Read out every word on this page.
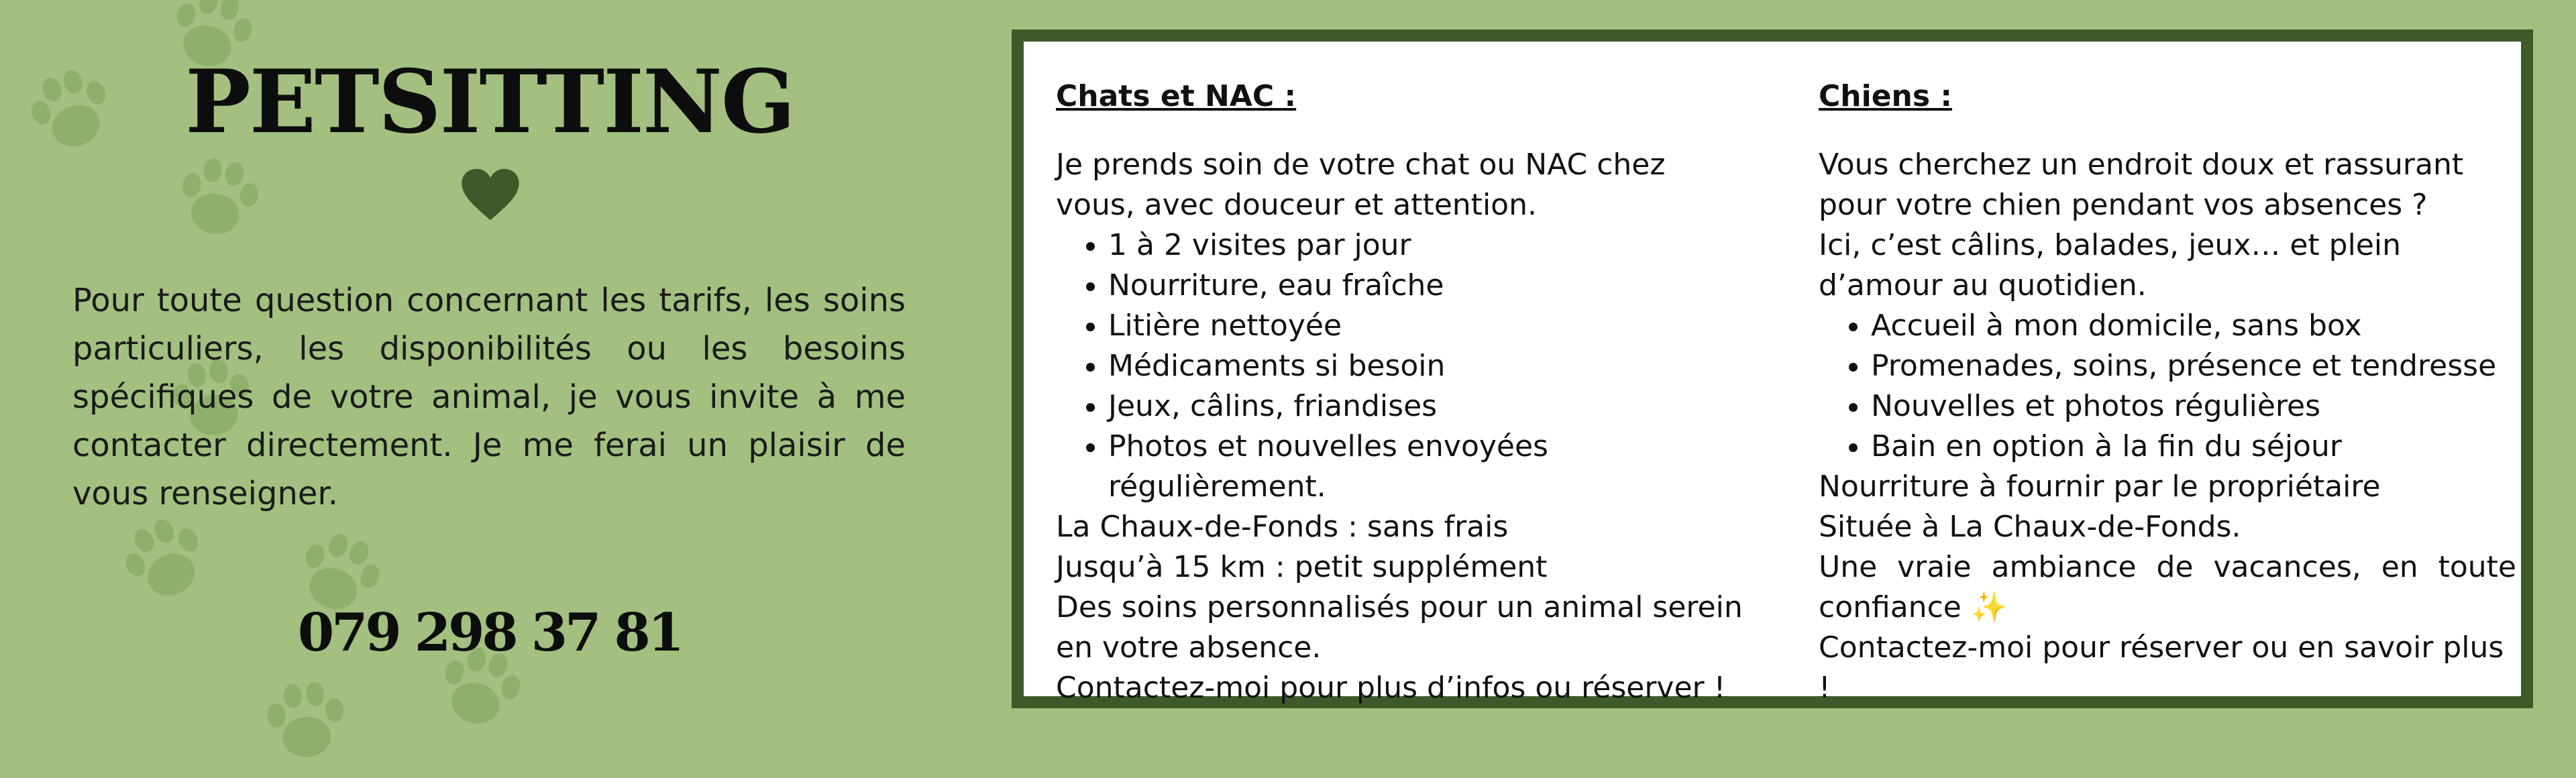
PETSITTING

Pour toute question concernant les tarifs, les soins particuliers, les disponibilités ou les besoins spécifiques de votre animal, je vous invite à me contacter directement. Je me ferai un plaisir de vous renseigner.

079 298 37 81

Chats et NAC :

Je prends soin de votre chat ou NAC chez vous, avec douceur et attention.

• 1 à 2 visites par jour
• Nourriture, eau fraîche
• Litière nettoyée
• Médicaments si besoin
• Jeux, câlins, friandises
• Photos et nouvelles envoyées régulièrement.

La Chaux-de-Fonds : sans frais

Jusqu’à 15 km : petit supplément

Des soins personnalisés pour un animal serein en votre absence.

Contactez-moi pour plus d’infos ou réserver !

Chiens :

Vous cherchez un endroit doux et rassurant pour votre chien pendant vos absences ?

Ici, c’est câlins, balades, jeux… et plein d’amour au quotidien.

• Accueil à mon domicile, sans box
• Promenades, soins, présence et tendresse
• Nouvelles et photos régulières
• Bain en option à la fin du séjour

Nourriture à fournir par le propriétaire

Située à La Chaux-de-Fonds.

Une vraie ambiance de vacances, en toute confiance ✨

Contactez-moi pour réserver ou en savoir plus !
